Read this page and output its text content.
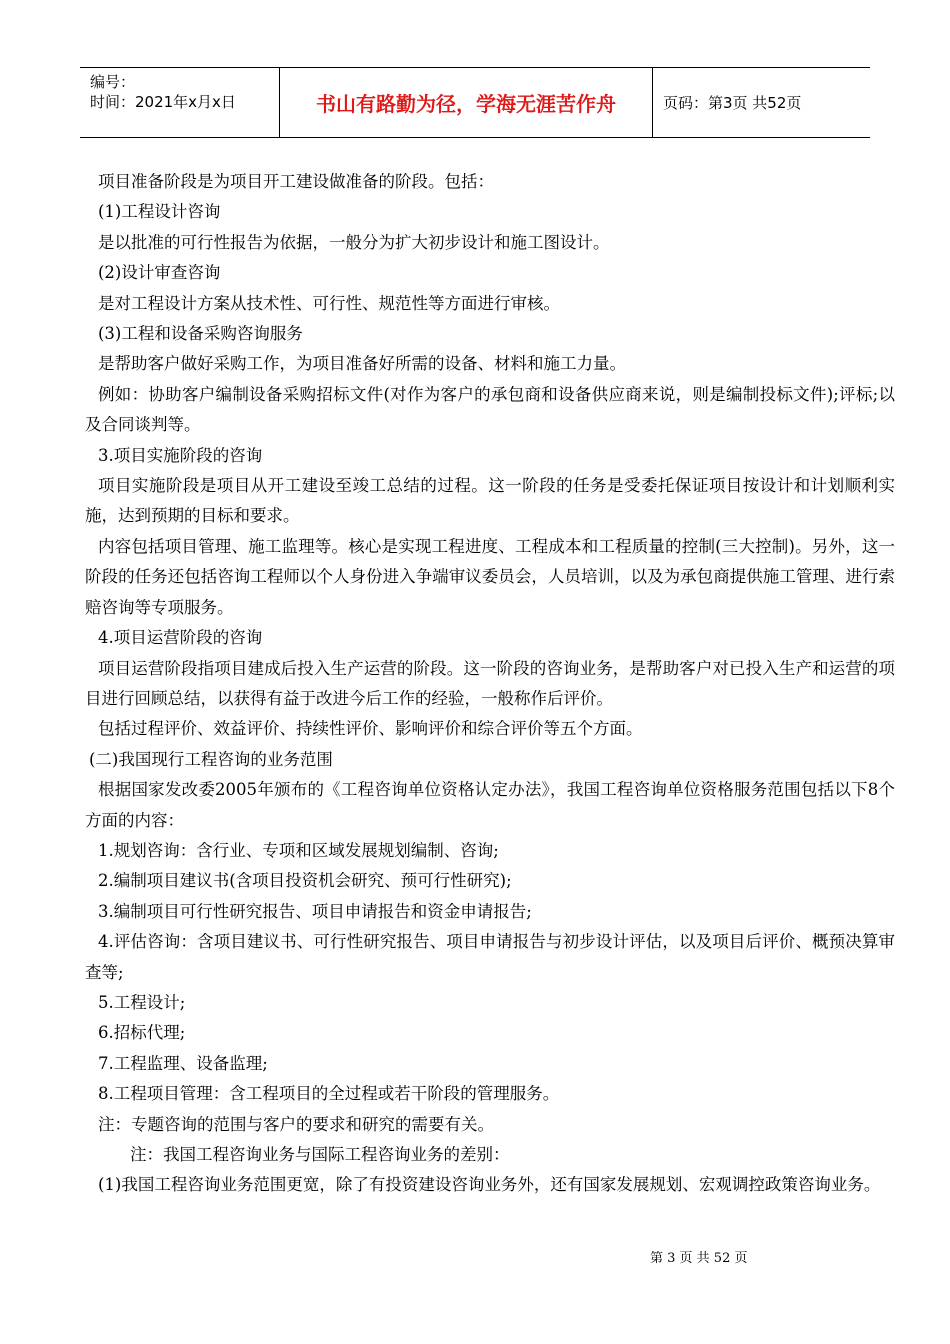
编号：
时间：2021年x月x日	书山有路勤为径，学海无涯苦作舟	页码：第3页 共52页

项目准备阶段是为项目开工建设做准备的阶段。包括：

(1)工程设计咨询

是以批准的可行性报告为依据，一般分为扩大初步设计和施工图设计。

(2)设计审查咨询

是对工程设计方案从技术性、可行性、规范性等方面进行审核。

(3)工程和设备采购咨询服务

是帮助客户做好采购工作，为项目准备好所需的设备、材料和施工力量。

例如：协助客户编制设备采购招标文件(对作为客户的承包商和设备供应商来说，则是编制投标文件);评标;以及合同谈判等。

3.项目实施阶段的咨询

项目实施阶段是项目从开工建设至竣工总结的过程。这一阶段的任务是受委托保证项目按设计和计划顺利实施，达到预期的目标和要求。

内容包括项目管理、施工监理等。核心是实现工程进度、工程成本和工程质量的控制(三大控制)。另外，这一阶段的任务还包括咨询工程师以个人身份进入争端审议委员会，人员培训，以及为承包商提供施工管理、进行索赔咨询等专项服务。

4.项目运营阶段的咨询

项目运营阶段指项目建成后投入生产运营的阶段。这一阶段的咨询业务，是帮助客户对已投入生产和运营的项目进行回顾总结，以获得有益于改进今后工作的经验，一般称作后评价。

包括过程评价、效益评价、持续性评价、影响评价和综合评价等五个方面。

(二)我国现行工程咨询的业务范围

根据国家发改委2005年颁布的《工程咨询单位资格认定办法》，我国工程咨询单位资格服务范围包括以下8个方面的内容：

1.规划咨询：含行业、专项和区域发展规划编制、咨询;

2.编制项目建议书(含项目投资机会研究、预可行性研究);

3.编制项目可行性研究报告、项目申请报告和资金申请报告;

4.评估咨询：含项目建议书、可行性研究报告、项目申请报告与初步设计评估，以及项目后评价、概预决算审查等;

5.工程设计;

6.招标代理;

7.工程监理、设备监理;

8.工程项目管理：含工程项目的全过程或若干阶段的管理服务。

注：专题咨询的范围与客户的要求和研究的需要有关。

注：我国工程咨询业务与国际工程咨询业务的差别：

(1)我国工程咨询业务范围更宽，除了有投资建设咨询业务外，还有国家发展规划、宏观调控政策咨询业务。

第 3 页 共 52 页
